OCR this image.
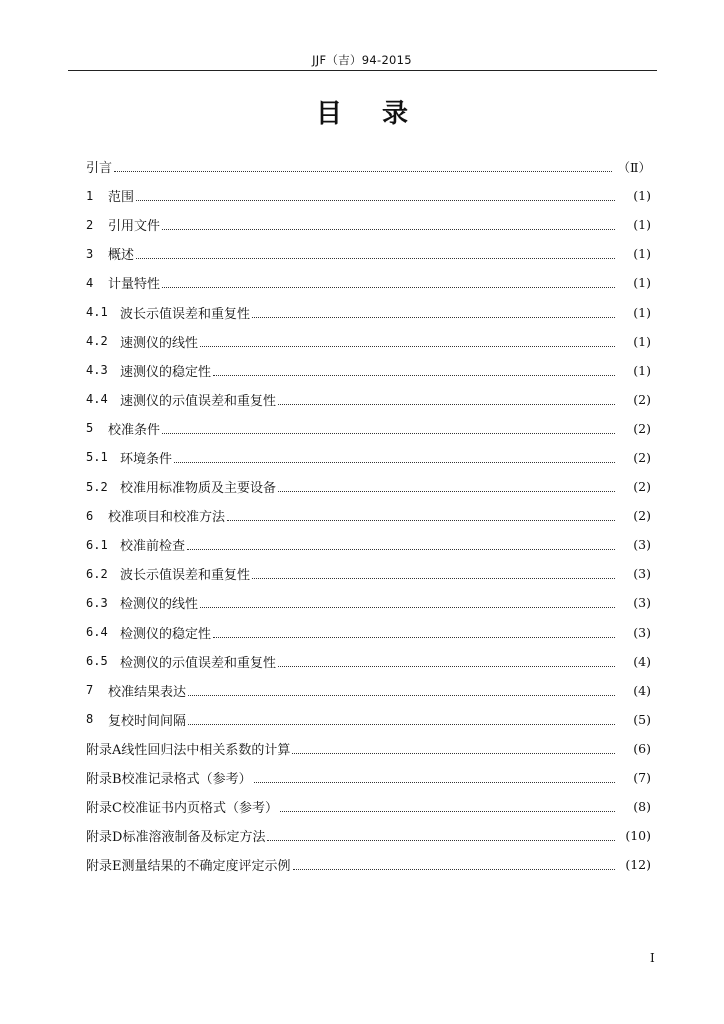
JJF（吉）94-2015
目 录
引言	（Ⅱ）
1	范围	(1)
2	引用文件	(1)
3	概述	(1)
4	计量特性	(1)
4.1 波长示值误差和重复性	(1)
4.2 速测仪的线性	(1)
4.3 速测仪的稳定性	(1)
4.4 速测仪的示值误差和重复性	(2)
5	校准条件	(2)
5.1 环境条件	(2)
5.2 校准用标准物质及主要设备	(2)
6	校准项目和校准方法	(2)
6.1 校准前检查	(3)
6.2 波长示值误差和重复性	(3)
6.3 检测仪的线性	(3)
6.4 检测仪的稳定性	(3)
6.5 检测仪的示值误差和重复性	(4)
7	校准结果表达	(4)
8	复校时间间隔	(5)
附录A 线性回归法中相关系数的计算	(6)
附录B 校准记录格式（参考）	(7)
附录C 校准证书内页格式（参考）	(8)
附录D 标准溶液制备及标定方法	(10)
附录E 测量结果的不确定度评定示例	(12)
I
